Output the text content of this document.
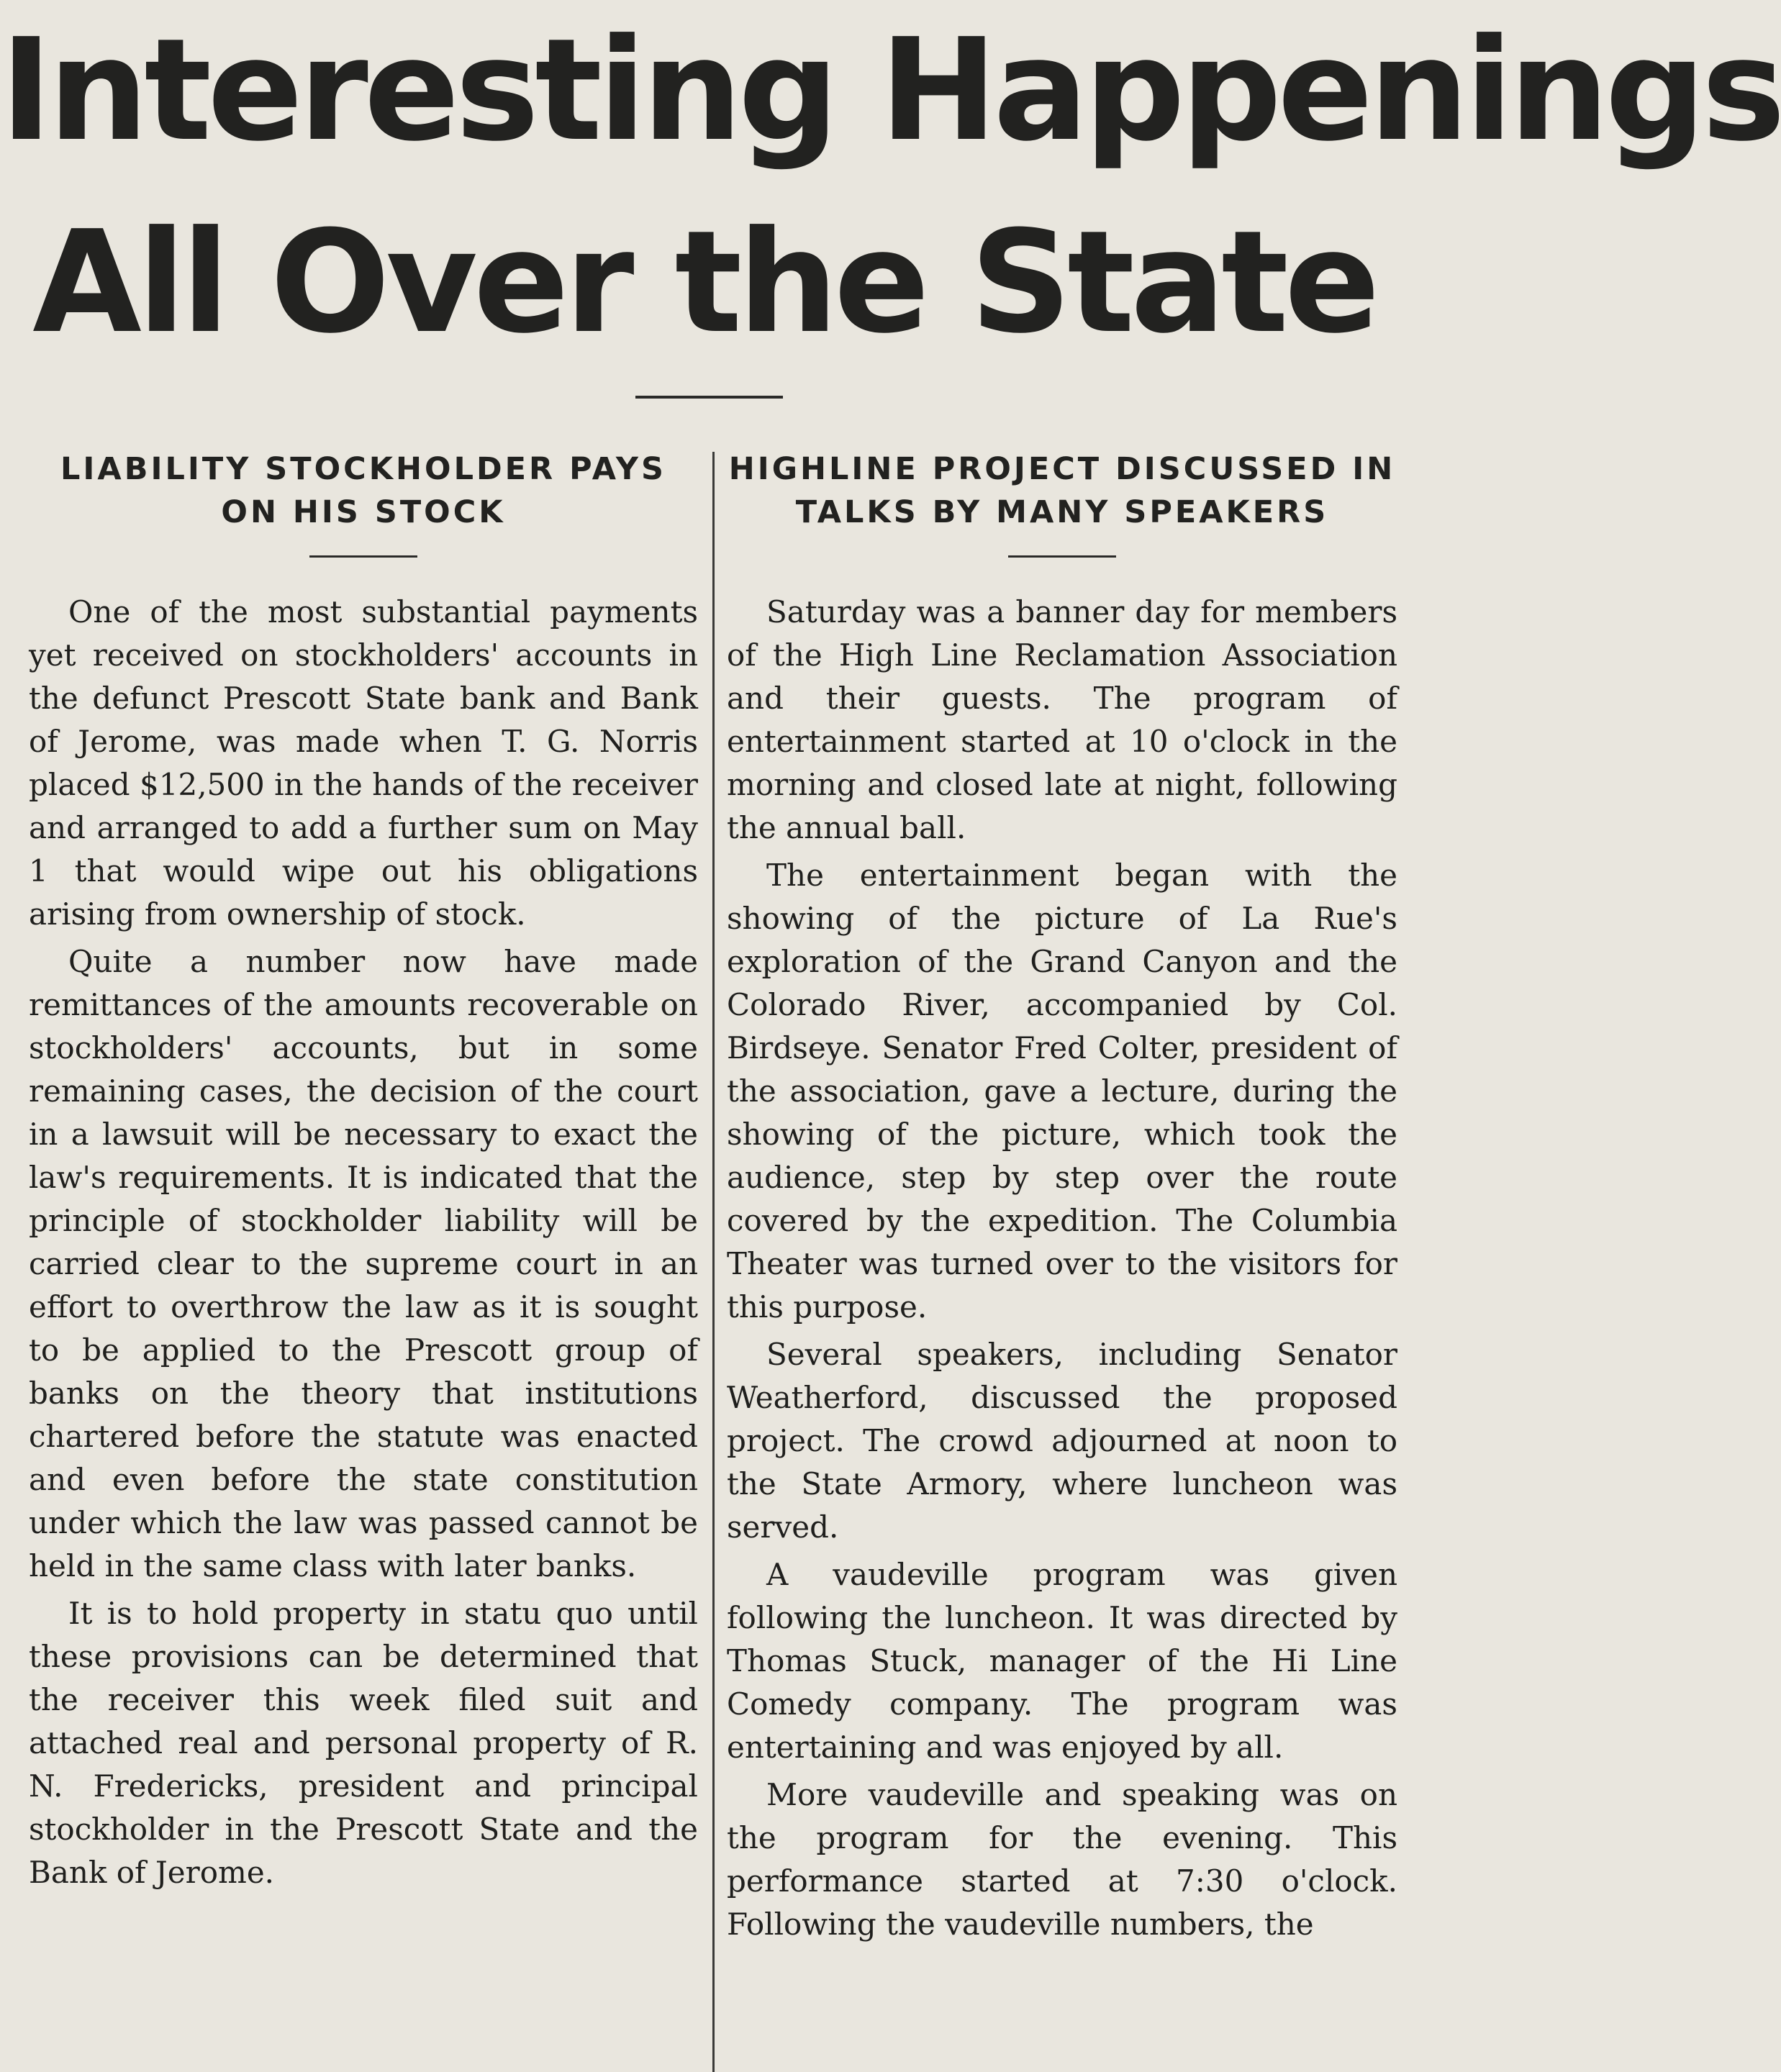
Interesting Happenings
All Over the State
LIABILITY STOCKHOLDER PAYS ON HIS STOCK

One of the most substantial payments yet received on stockholders' accounts in the defunct Prescott State bank and Bank of Jerome, was made when T. G. Norris placed $12,500 in the hands of the receiver and arranged to add a further sum on May 1 that would wipe out his obligations arising from ownership of stock.

Quite a number now have made remittances of the amounts recoverable on stockholders' accounts, but in some remaining cases, the decision of the court in a lawsuit will be necessary to exact the law's requirements. It is indicated that the principle of stockholder liability will be carried clear to the supreme court in an effort to overthrow the law as it is sought to be applied to the Prescott group of banks on the theory that institutions chartered before the statute was enacted and even before the state constitution under which the law was passed cannot be held in the same class with later banks.

It is to hold property in statu quo until these provisions can be determined that the receiver this week filed suit and attached real and personal property of R. N. Fredericks, president and principal stockholder in the Prescott State and the Bank of Jerome.

HIGHLINE PROJECT DISCUSSED IN TALKS BY MANY SPEAKERS

Saturday was a banner day for members of the High Line Reclamation Association and their guests. The program of entertainment started at 10 o'clock in the morning and closed late at night, following the annual ball.

The entertainment began with the showing of the picture of La Rue's exploration of the Grand Canyon and the Colorado River, accompanied by Col. Birdseye. Senator Fred Colter, president of the association, gave a lecture, during the showing of the picture, which took the audience, step by step over the route covered by the expedition. The Columbia Theater was turned over to the visitors for this purpose.

Several speakers, including Senator Weatherford, discussed the proposed project. The crowd adjourned at noon to the State Armory, where luncheon was served.

A vaudeville program was given following the luncheon. It was directed by Thomas Stuck, manager of the Hi Line Comedy company. The program was entertaining and was enjoyed by all.

More vaudeville and speaking was on the program for the evening. This performance started at 7:30 o'clock. Following the vaudeville numbers, the
